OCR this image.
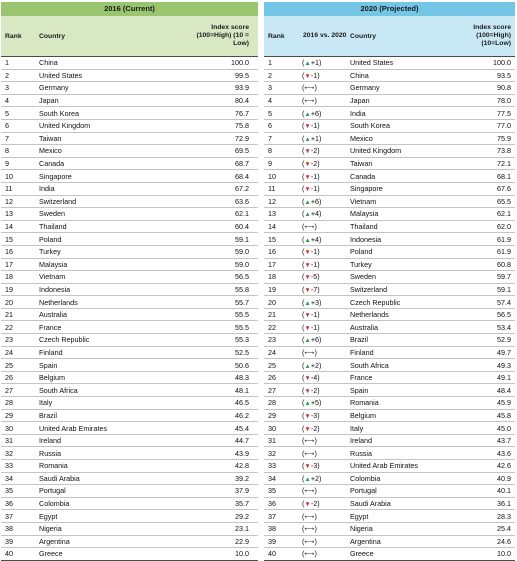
2016 (Current)
Rank	Country
Index score (100=High) (10 = Low)
1	China	100.0
2	United States	99.5
3	Germany	93.9
4	Japan	80.4
5	South Korea	76.7
6	United Kingdom	75.8
7	Taiwan	72.9
8	Mexico	69.5
9	Canada	68.7
10	Singapore	68.4
11	India	67.2
12	Switzerland	63.6
13	Sweden	62.1
14	Thailand	60.4
15	Poland	59.1
16	Turkey	59.0
17	Malaysia	59.0
18	Vietnam	56.5
19	Indonesia	55.8
20	Netherlands	55.7
21	Australia	55.5
22	France	55.5
23	Czech Republic	55.3
24	Finland	52.5
25	Spain	50.6
26	Belgium	48.3
27	South Africa	48.1
28	Italy	46.5
29	Brazil	46.2
30	United Arab Emirates	45.4
31	Ireland	44.7
32	Russia	43.9
33	Romania	42.8
34	Saudi Arabia	39.2
35	Portugal	37.9
36	Colombia	35.7
37	Egypt	29.2
38	Nigeria	23.1
39	Argentina	22.9
40	Greece	10.0
2020 (Projected)
Rank	2016 vs. 2020 Country
Index score (100=High) (10=Low)
1	(▲+1)	United States	100.0
2	(▼-1)	China	93.5
3	(⟷)	Germany	90.8
4	(⟷)	Japan	78.0
5	(▲+6)	India	77.5
6	(▼-1)	South Korea	77.0
7	(▲+1)	Mexico	75.9
8	(▼-2)	United Kingdom	73.8
9	(▼-2)	Taiwan	72.1
10	(▼-1)	Canada	68.1
11	(▼-1)	Singapore	67.6
12	(▲+6)	Vietnam	65.5
13	(▲+4)	Malaysia	62.1
14	(⟷)	Thailand	62.0
15	(▲+4)	Indonesia	61.9
16	(▼-1)	Poland	61.9
17	(▼-1)	Turkey	60.8
18	(▼-5)	Sweden	59.7
19	(▼-7)	Switzerland	59.1
20	(▲+3)	Czech Republic	57.4
21	(▼-1)	Netherlands	56.5
22	(▼-1)	Australia	53.4
23	(▲+6)	Brazil	52.9
24	(⟷)	Finland	49.7
25	(▲+2)	South Africa	49.3
26	(▼-4)	France	49.1
27	(▼-2)	Spain	48.4
28	(▲+5)	Romania	45.9
29	(▼-3)	Belgium	45.8
30	(▼-2)	Italy	45.0
31	(⟷)	Ireland	43.7
32	(⟷)	Russia	43.6
33	(▼-3)	United Arab Emirates	42.6
34	(▲+2)	Colombia	40.9
35	(⟷)	Portugal	40.1
36	(▼-2)	Saudi Arabia	36.1
37	(⟷)	Egypt	28.3
38	(⟷)	Nigeria	25.4
39	(⟷)	Argentina	24.6
40	(⟷)	Greece	10.0
